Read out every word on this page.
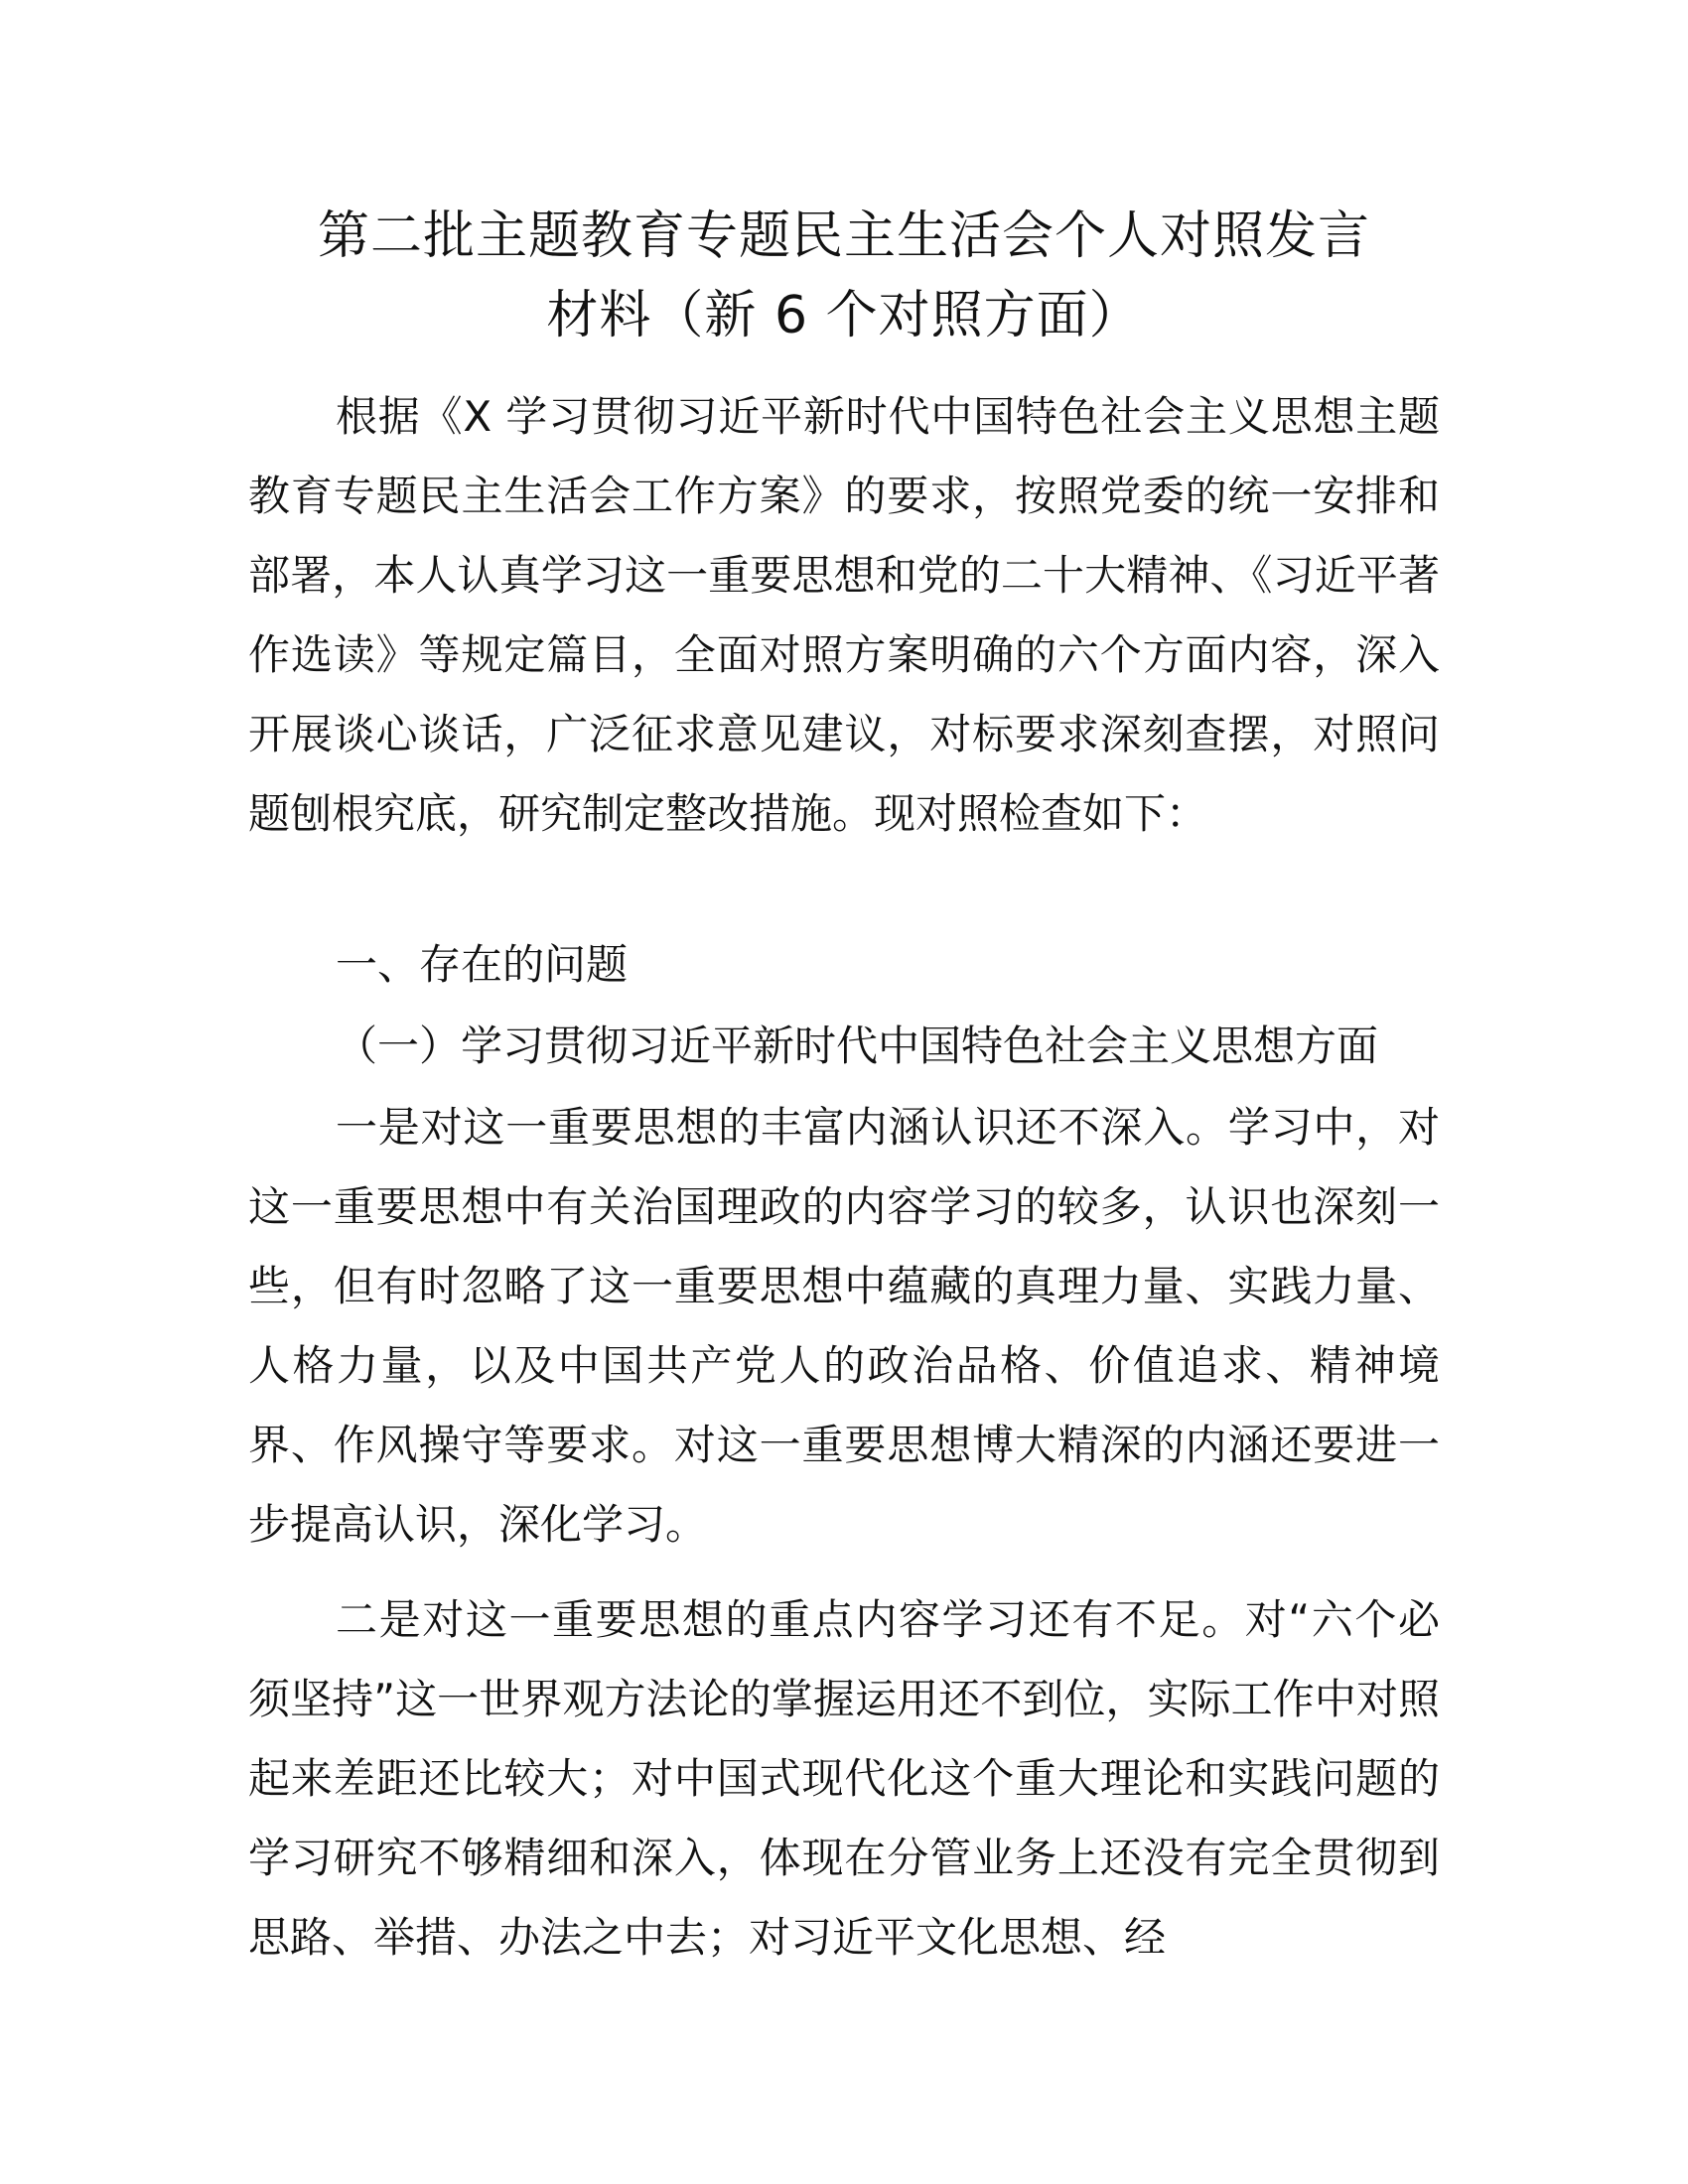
第二批主题教育专题民主生活会个人对照发言
材料（新 6 个对照方面）

根据《X 学习贯彻习近平新时代中国特色社会主义思想主题教育专题民主生活会工作方案》的要求，按照党委的统一安排和部署，本人认真学习这一重要思想和党的二十大精神、《习近平著作选读》等规定篇目，全面对照方案明确的六个方面内容，深入开展谈心谈话，广泛征求意见建议，对标要求深刻查摆，对照问题刨根究底，研究制定整改措施。现对照检查如下：

一、存在的问题

（一）学习贯彻习近平新时代中国特色社会主义思想方面

一是对这一重要思想的丰富内涵认识还不深入。学习中，对这一重要思想中有关治国理政的内容学习的较多，认识也深刻一些，但有时忽略了这一重要思想中蕴藏的真理力量、实践力量、人格力量，以及中国共产党人的政治品格、价值追求、精神境界、作风操守等要求。对这一重要思想博大精深的内涵还要进一步提高认识，深化学习。

二是对这一重要思想的重点内容学习还有不足。对“六个必须坚持”这一世界观方法论的掌握运用还不到位，实际工作中对照起来差距还比较大；对中国式现代化这个重大理论和实践问题的学习研究不够精细和深入，体现在分管业务上还没有完全贯彻到思路、举措、办法之中去；对习近平文化思想、经
